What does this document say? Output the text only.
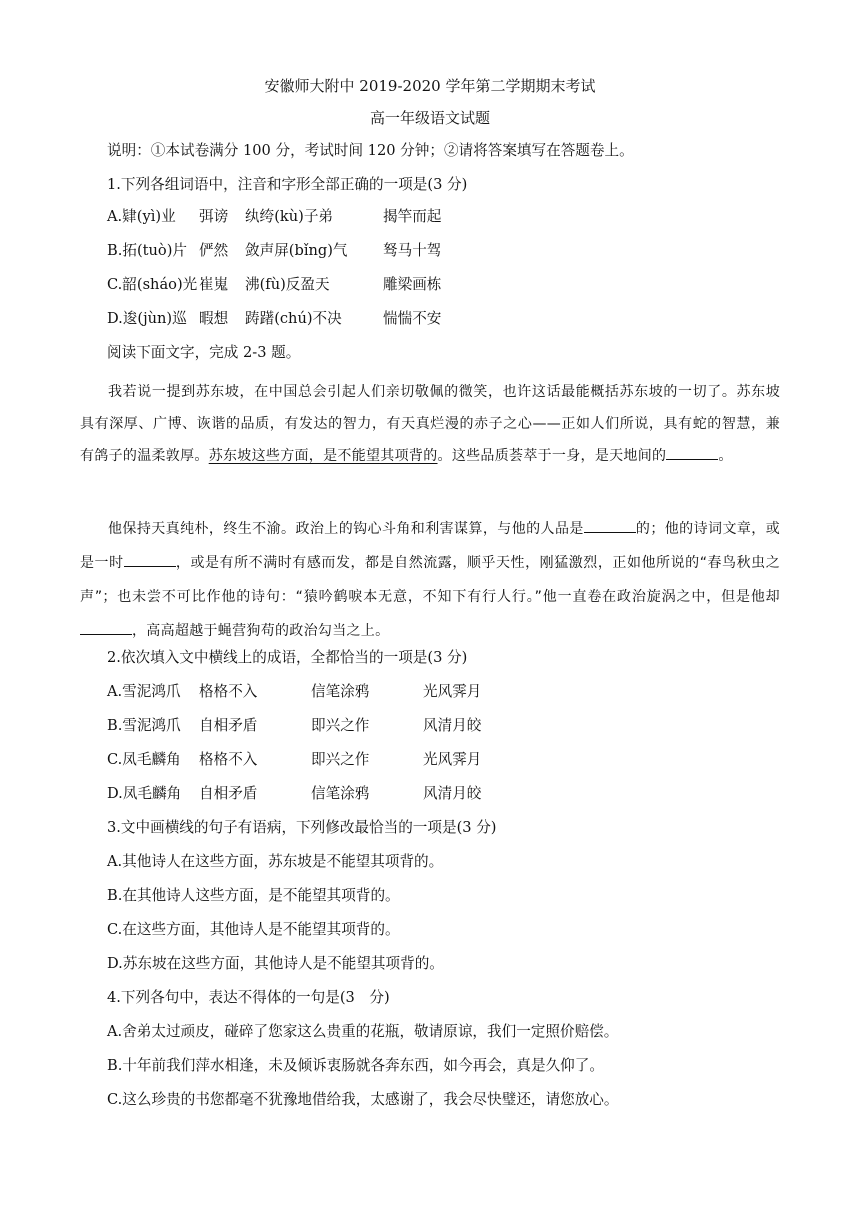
安徽师大附中 2019-2020 学年第二学期期末考试
高一年级语文试题
说明：①本试卷满分 100 分，考试时间 120 分钟；②请将答案填写在答题卷上。
1.下列各组词语中，注音和字形全部正确的一项是(3 分)
A.肄(yì)业 弭谤 纨绔(kù)子弟	揭竿而起
B.拓(tuò)片 俨然 敛声屏(bǐng)气 驽马十驾
C.韶(sháo)光 崔嵬 沸(fù)反盈天	雕梁画栋
D.逡(jùn)巡 暇想 踌躇(chú)不决	惴惴不安
阅读下面文字，完成 2-3 题。
我若说一提到苏东坡，在中国总会引起人们亲切敬佩的微笑，也许这话最能概括苏东坡的一切了。苏东坡具有深厚、广博、诙谐的品质，有发达的智力，有天真烂漫的赤子之心——正如人们所说，具有蛇的智慧，兼有鸽子的温柔敦厚。苏东坡这些方面，是不能望其项背的。这些品质荟萃于一身，是天地间的	。
他保持天真纯朴，终生不渝。政治上的钩心斗角和利害谋算，与他的人品是	的；他的诗词文章，或是一时	，或是有所不满时有感而发，都是自然流露，顺乎天性，刚猛激烈，正如他所说的“春鸟秋虫之声”；也未尝不可比作他的诗句：“猿吟鹤唳本无意，不知下有行人行。”他一直卷在政治旋涡之中，但是他却，高高超越于蝇营狗苟的政治勾当之上。
2.依次填入文中横线上的成语，全都恰当的一项是(3 分)
A.雪泥鸿爪 格格不入	信笔涂鸦	光风霁月
B.雪泥鸿爪 自相矛盾	即兴之作	风清月皎
C.凤毛麟角 格格不入	即兴之作	光风霁月
D.凤毛麟角 自相矛盾	信笔涂鸦	风清月皎
3.文中画横线的句子有语病，下列修改最恰当的一项是(3 分)
A.其他诗人在这些方面，苏东坡是不能望其项背的。
B.在其他诗人这些方面，是不能望其项背的。
C.在这些方面，其他诗人是不能望其项背的。
D.苏东坡在这些方面，其他诗人是不能望其项背的。
4.下列各句中，表达不得体的一句是(3　分)
A.舍弟太过顽皮，碰碎了您家这么贵重的花瓶，敬请原谅，我们一定照价赔偿。
B.十年前我们萍水相逢，未及倾诉衷肠就各奔东西，如今再会，真是久仰了。
C.这么珍贵的书您都毫不犹豫地借给我，太感谢了，我会尽快璧还，请您放心。
